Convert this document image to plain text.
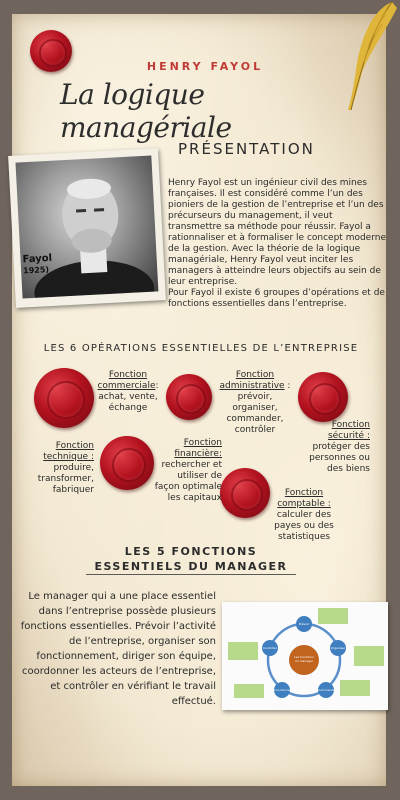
HENRY FAYOL
La logique managériale
PRÉSENTATION
Fayol
1925)

Henry Fayol est un ingénieur civil des mines françaises. Il est considéré comme l’un des pioniers de la gestion de l’entreprise et l’un des précurseurs du management, il veut transmettre sa méthode pour réussir. Fayol a rationnaliser et à formaliser le concept moderne de la gestion. Avec la théorie de la logique managériale, Henry Fayol veut inciter les managers à atteindre leurs objectifs au sein de leur entreprise.

Pour Fayol il existe 6 groupes d’opérations et de fonctions essentielles dans l’entreprise.

LES 6 OPÉRATIONS ESSENTIELLES DE L’ENTREPRISE
Fonction commerciale: achat, vente, échange
Fonction administrative : prévoir, organiser, commander, contrôler	Fonction sécurité :
protéger des personnes ou des biens
Fonction technique :
produire, transformer, fabriquer
Fonction financière:
rechercher et utiliser de façon optimale les capitaux	Fonction comptable :
calculer des payes ou des statistiques
LES 5 FONCTIONS
ESSENTIELS DU MANAGER
Le manager qui a une place essentiel dans l’entreprise possède plusieurs fonctions essentielles. Prévoir l’activité de l’entreprise, organiser son fonctionnement, diriger son équipe, coordonner les acteurs de l’entreprise, et contrôler en vérifiant le travail effectué.
Les fonctions du manager
Prévoir
Organiser
Commander
Coordonner
Contrôler
